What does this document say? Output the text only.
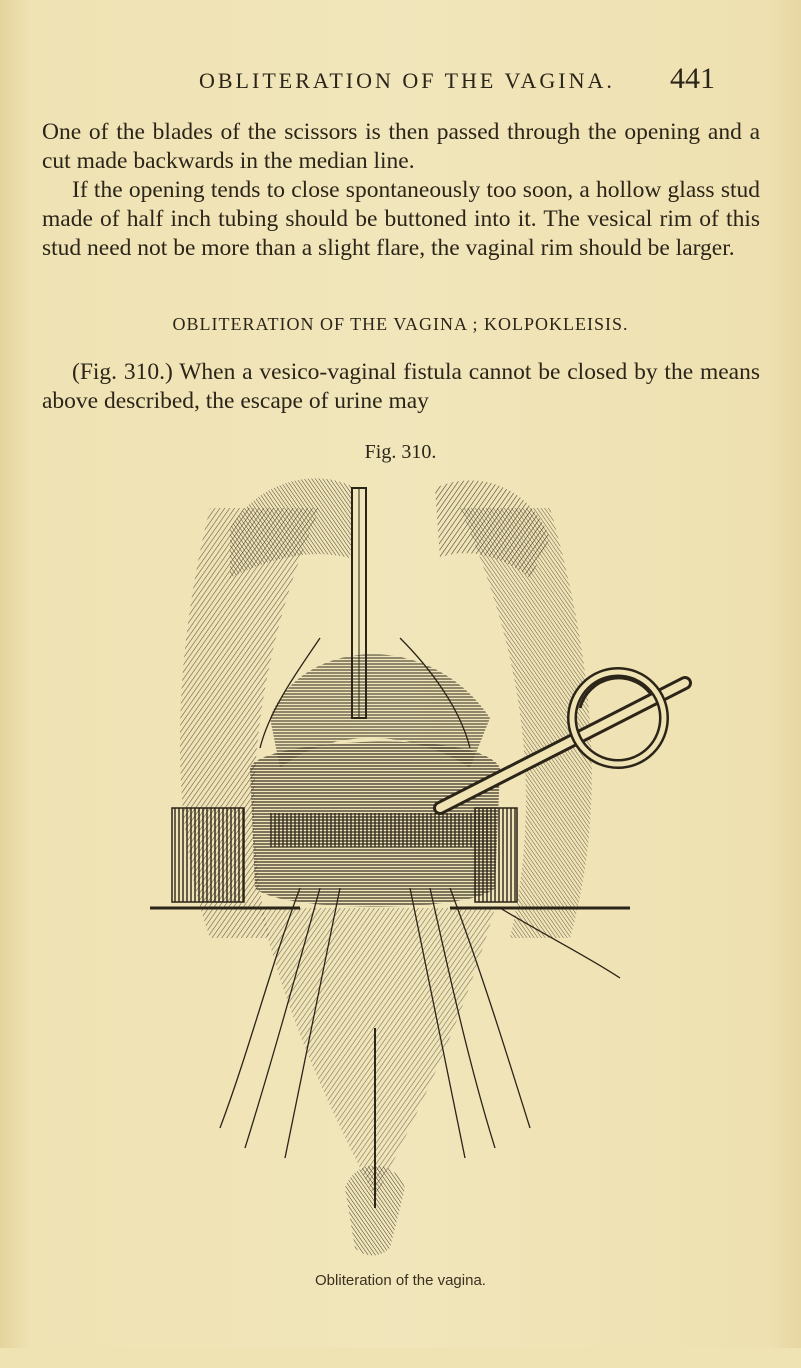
OBLITERATION OF THE VAGINA. 441

One of the blades of the scissors is then passed through the opening and a cut made backwards in the median line.

If the opening tends to close spontaneously too soon, a hollow glass stud made of half inch tubing should be buttoned into it. The vesical rim of this stud need not be more than a slight flare, the vaginal rim should be larger.

OBLITERATION OF THE VAGINA ; KOLPOKLEISIS.

(Fig. 310.) When a vesico-vaginal fistula cannot be closed by the means above described, the escape of urine may

Fig. 310.
Obliteration of the vagina.
